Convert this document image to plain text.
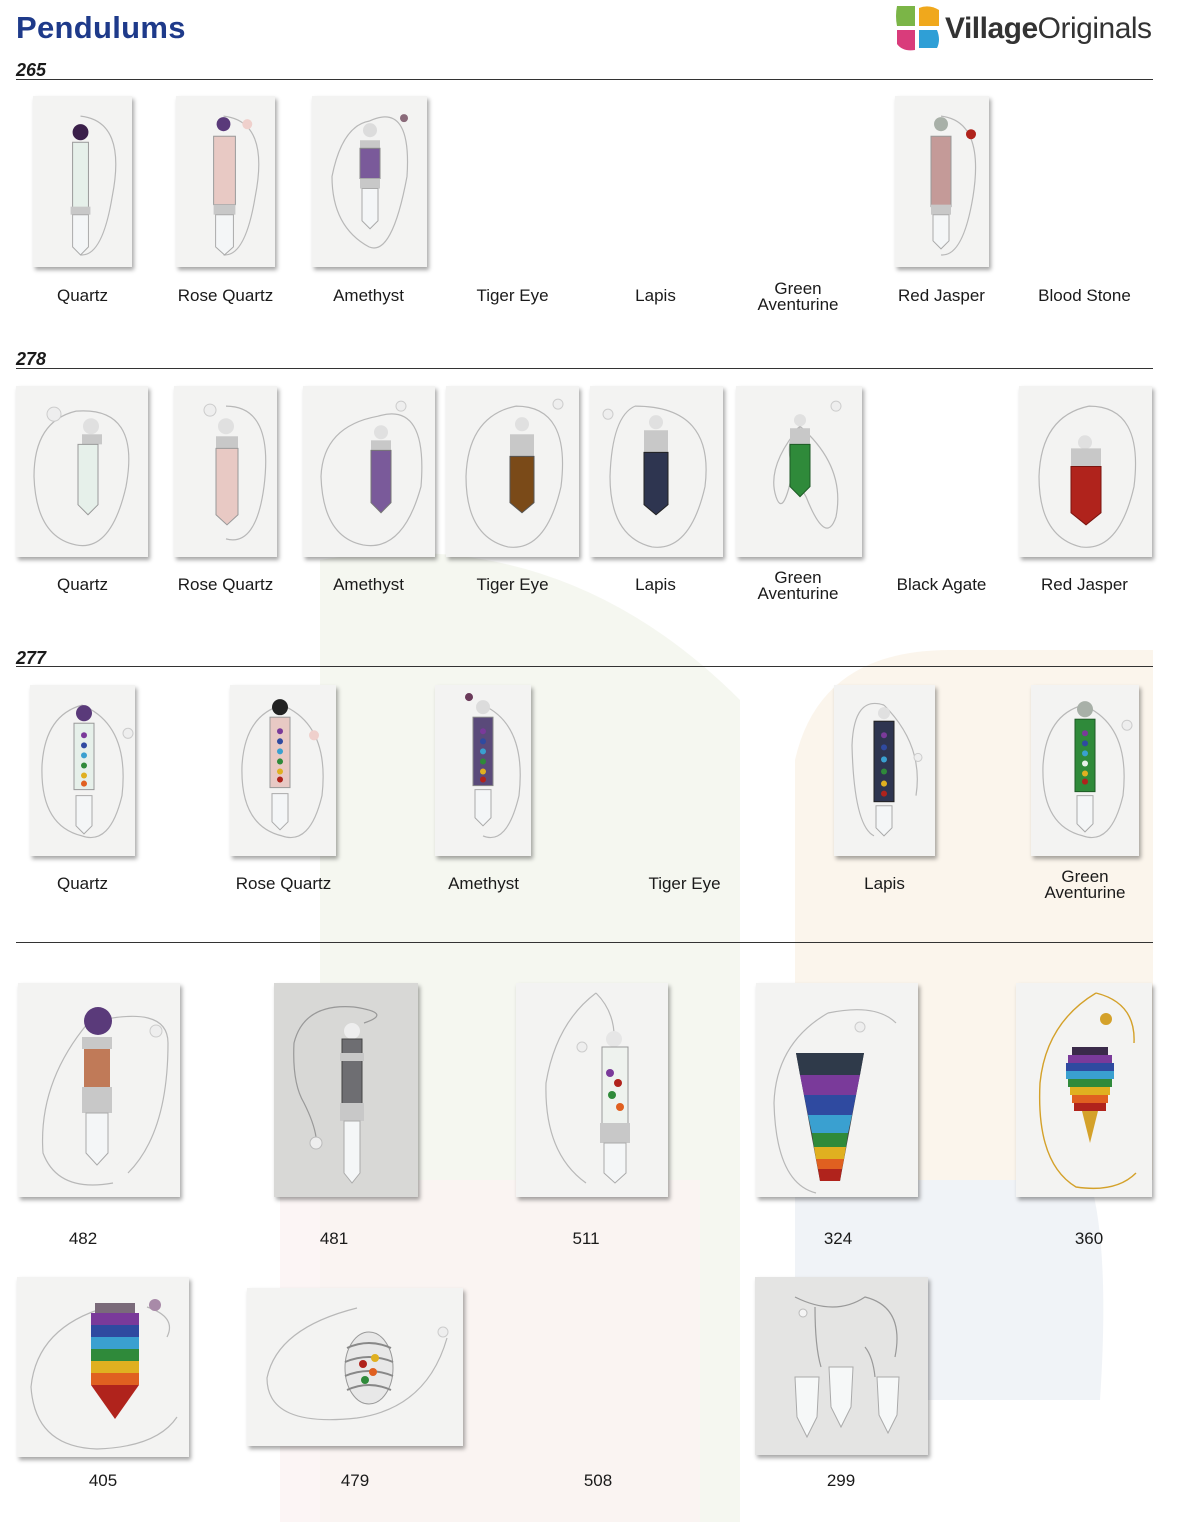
Pendulums	VillageOriginals
265
Quartz	Rose Quartz	Amethyst	Tiger Eye	Lapis	Green Aventurine	Red Jasper	Blood Stone
278
Quartz	Rose Quartz	Amethyst	Tiger Eye	Lapis	Green Aventurine	Black Agate	Red Jasper
277
Quartz	Rose Quartz	Amethyst	Tiger Eye	Lapis	Green Aventurine
482	481	511	324	360
405	479	508	299
